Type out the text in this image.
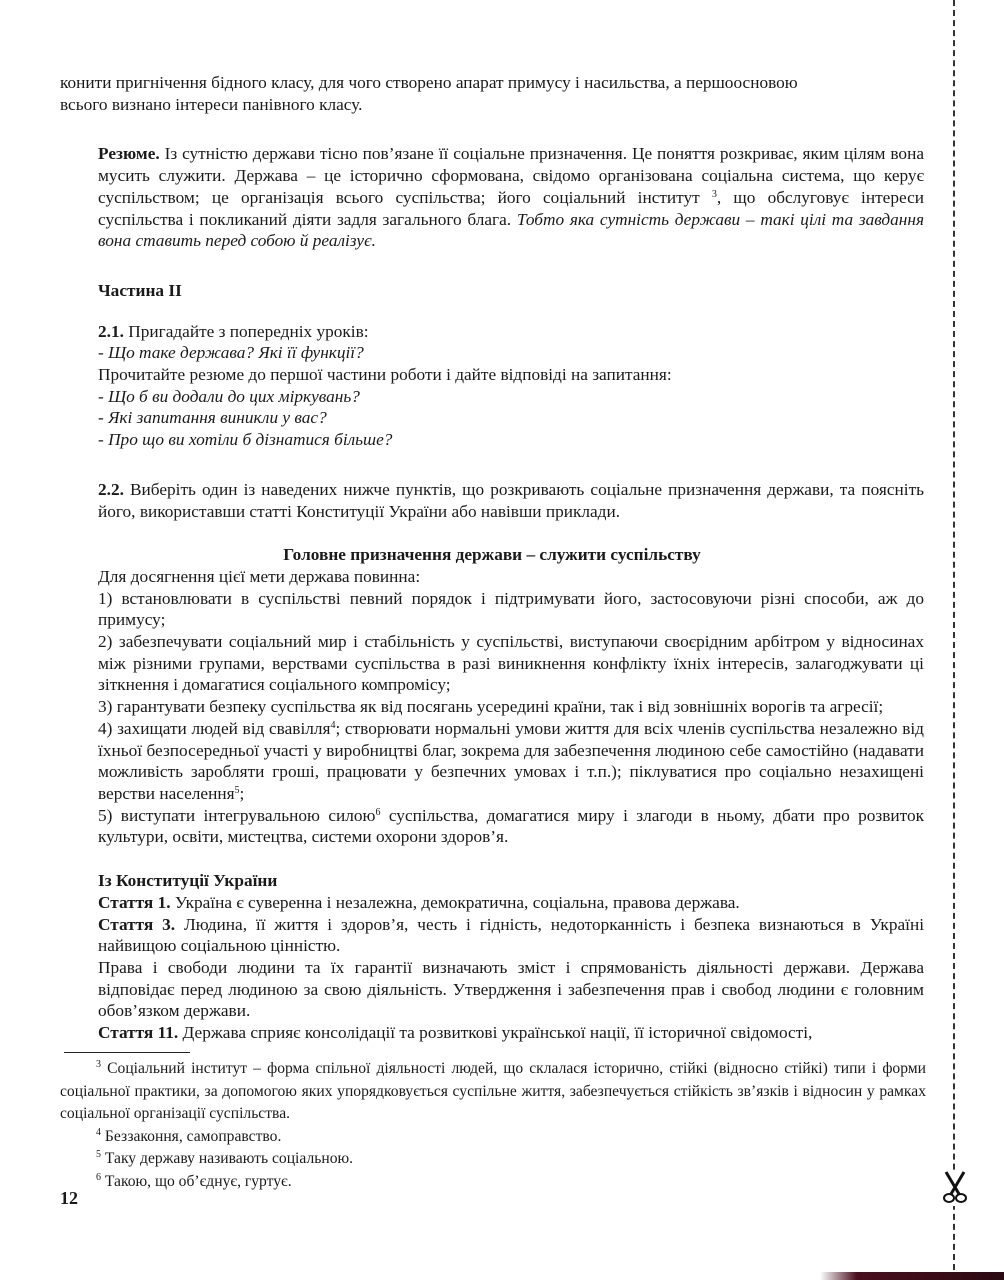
конити пригнічення бідного класу, для чого створено апарат примусу і насильства, а першоосновою
всього визнано інтереси панівного класу.

Резюме. Із сутністю держави тісно пов’язане її соціальне призначення. Це поняття розкриває, яким цілям вона мусить служити. Держава – це історично сформована, свідомо організована соціальна система, що керує суспільством; це організація всього суспільства; його соціальний інститут $^3$, що обслуговує інтереси суспільства і покликаний діяти задля загального блага. Тобто яка сутність держави – такі цілі та завдання вона ставить перед собою й реалізує.

Частина II

2.1. Пригадайте з попередніх уроків:

- Що таке держава? Які її функції?

Прочитайте резюме до першої частини роботи і дайте відповіді на запитання:

- Що б ви додали до цих міркувань?

- Які запитання виникли у вас?

- Про що ви хотіли б дізнатися більше?

2.2. Виберіть один із наведених нижче пунктів, що розкривають соціальне призначення держави, та поясніть його, використавши статті Конституції України або навівши приклади.

Головне призначення держави – служити суспільству

Для досягнення цієї мети держава повинна:

1) встановлювати в суспільстві певний порядок і підтримувати його, застосовуючи різні способи, аж до примусу;

2) забезпечувати соціальний мир і стабільність у суспільстві, виступаючи своєрідним арбітром у відносинах між різними групами, верствами суспільства в разі виникнення конфлікту їхніх інтересів, залагоджувати ці зіткнення і домагатися соціального компромісу;

3) гарантувати безпеку суспільства як від посягань усередині країни, так і від зовнішніх ворогів та агресії;

4) захищати людей від свавілля$^4$; створювати нормальні умови життя для всіх членів суспільства незалежно від їхньої безпосередньої участі у виробництві благ, зокрема для забезпечення людиною себе самостійно (надавати можливість заробляти гроші, працювати у безпечних умовах і т.п.); піклуватися про соціально незахищені верстви населення$^5$;

5) виступати інтегрувальною силою$^6$ суспільства, домагатися миру і злагоди в ньому, дбати про розвиток культури, освіти, мистецтва, системи охорони здоров’я.

Із Конституції України

Стаття 1. Україна є суверенна і незалежна, демократична, соціальна, правова держава.

Стаття 3. Людина, її життя і здоров’я, честь і гідність, недоторканність і безпека визнаються в Україні найвищою соціальною цінністю.

Права і свободи людини та їх гарантії визначають зміст і спрямованість діяльності держави. Держава відповідає перед людиною за свою діяльність. Утвердження і забезпечення прав і свобод людини є головним обов’язком держави.

Стаття 11. Держава сприяє консолідації та розвиткові української нації, її історичної свідомості,

$^3$ Соціальний інститут – форма спільної діяльності людей, що склалася історично, стійкі (відносно стійкі) типи і форми соціальної практики, за допомогою яких упорядковується суспільне життя, забезпечується стійкість зв’язків і відносин у рамках соціальної організації суспільства.

$^4$ Беззаконня, самоправство.

$^5$ Таку державу називають соціальною.

$^6$ Такою, що об’єднує, гуртує.

12
